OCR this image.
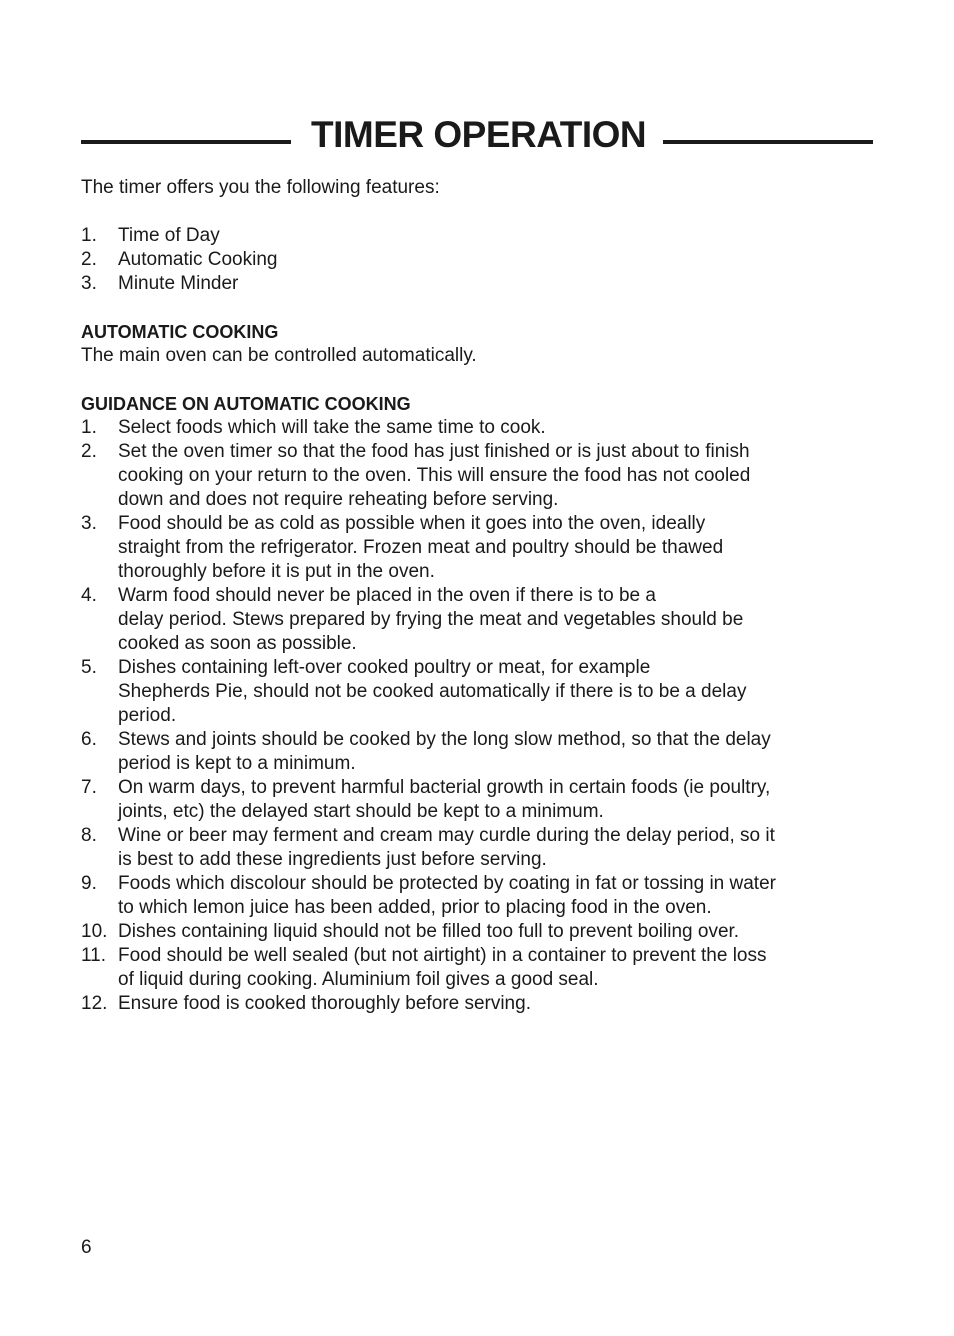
TIMER OPERATION
The timer offers you the following features:
1.	Time of Day
2.	Automatic Cooking
3.	Minute Minder
AUTOMATIC COOKING
The main oven can be controlled automatically.
GUIDANCE ON AUTOMATIC COOKING
1.	Select foods which will take the same time to cook.
2.	Set the oven timer so that the food has just finished or is just about to finish
cooking on your return to the oven. This will ensure the food has not cooled
down and does not require reheating before serving.
3.	Food should be as cold as possible when it goes into the oven, ideally
straight from the refrigerator. Frozen meat and poultry should be thawed
thoroughly before it is put in the oven.
4.	Warm food should never be placed in the oven if there is to be a
delay period. Stews prepared by frying the meat and vegetables should be
cooked as soon as possible.
5.	Dishes containing left-over cooked poultry or meat, for example
Shepherds Pie, should not be cooked automatically if there is to be a delay
period.
6.	Stews and joints should be cooked by the long slow method, so that the delay
period is kept to a minimum.
7.	On warm days, to prevent harmful bacterial growth in certain foods (ie poultry,
joints, etc) the delayed start should be kept to a minimum.
8.	Wine or beer may ferment and cream may curdle during the delay period, so it
is best to add these ingredients just before serving.
9.	Foods which discolour should be protected by coating in fat or tossing in water
to which lemon juice has been added, prior to placing food in the oven.
10. Dishes containing liquid should not be filled too full to prevent boiling over.
11. Food should be well sealed (but not airtight) in a container to prevent the loss
of liquid during cooking. Aluminium foil gives a good seal.
12. Ensure food is cooked thoroughly before serving.
6
